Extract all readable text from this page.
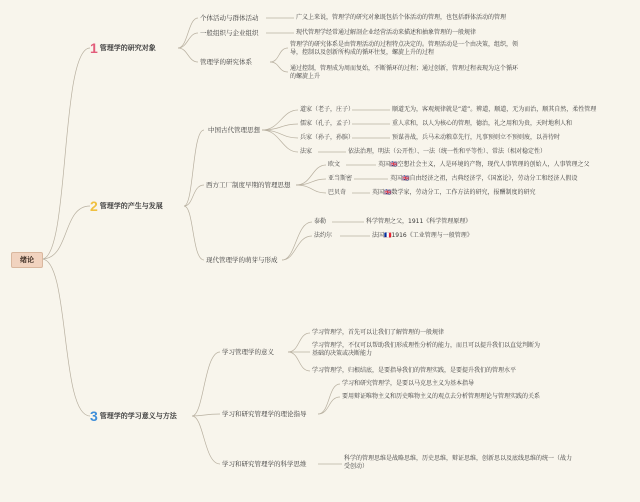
绪论
1 管理学的研究对象
个体活动与群体活动	广义上来说，管理学的研究对象既包括个体活动的管理，也包括群体活动的管理
一般组织与企业组织	现代管理学经常通过解剖企业经营活动来描述和抽象管理的一般规律
管理学的研究体系
管理学的研究体系是由管理活动的过程特点决定的。管理活动是一个由决策，组织，领导，控制以及创新所构成的循环往复，螺旋上升的过程
通过控制，管理成为周而复始，不断循环的过程；通过创新，管理过程表现为这个循环的螺旋上升
2 管理学的产生与发展
中国古代管理思想
道家（老子，庄子）	顺道无为，客观规律就是“道”。辨道，顺道，无为而治，顺其自然，柔性管理
儒家（孔子，孟子）	重人求和，以人为核心的管理，德治，礼之用和为贵，天时地利人和
兵家（孙子，孙膑）	预谋善战，兵马未动粮草先行，凡事预则立不预则废，以善待时
法家	依法治理，明法（公开性）、一法（统一性和平等性）、常法（相对稳定性）
西方工厂制度早期的管理思想
欧文	英国🇬🇧空想社会主义，人是环境的产物，现代人事管理的创始人，人事管理之父
亚当斯密	英国🇬🇧自由经济之祖，古典经济学，《国富论》，劳动分工和经济人假设
巴贝奇	英国🇬🇧数学家，劳动分工，工作方法的研究，报酬制度的研究
现代管理学的萌芽与形成
泰勒	科学管理之父，1911《科学管理原理》
法约尔	法国🇫🇷1916《工业管理与一般管理》
3 管理学的学习意义与方法
学习管理学的意义
学习管理学，首先可以让我们了解管理的一般规律
学习管理学，不仅可以帮助我们形成理性分析的能力，而且可以提升我们以直觉判断为基础的决策或决断能力
学习管理学，归根结底，是要指导我们的管理实践，是要提升我们的管理水平
学习和研究管理学的理论指导
学习和研究管理学，是要以马克思主义为基本指导
要用辩证唯物主义和历史唯物主义的观点去分析管理理论与管理实践的关系
学习和研究管理学的科学思维
科学的管理思维是战略思维，历史思维，辩证思维，创新思以及底线思维的统一（战力受创动）
